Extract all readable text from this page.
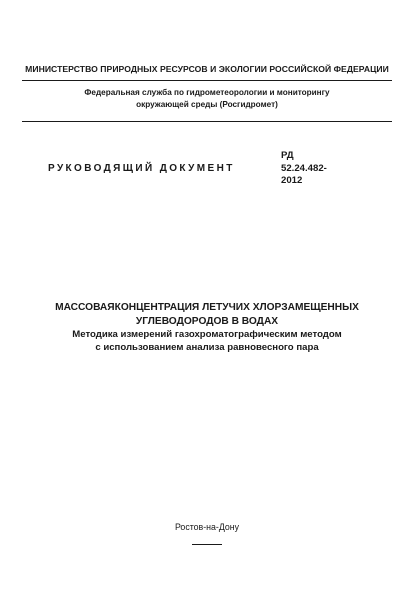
МИНИСТЕРСТВО ПРИРОДНЫХ РЕСУРСОВ И ЭКОЛОГИИ РОССИЙСКОЙ ФЕДЕРАЦИИ
Федеральная служба по гидрометеорологии и мониторингу
окружающей среды (Росгидромет)
РУКОВОДЯЩИЙ ДОКУМЕНТ
РД
52.24.482-
2012
МАССОВАЯКОНЦЕНТРАЦИЯ ЛЕТУЧИХ ХЛОРЗАМЕЩЕННЫХ
УГЛЕВОДОРОДОВ В ВОДАХ
Методика измерений газохроматографическим методом
с использованием анализа равновесного пара
Ростов-на-Дону
